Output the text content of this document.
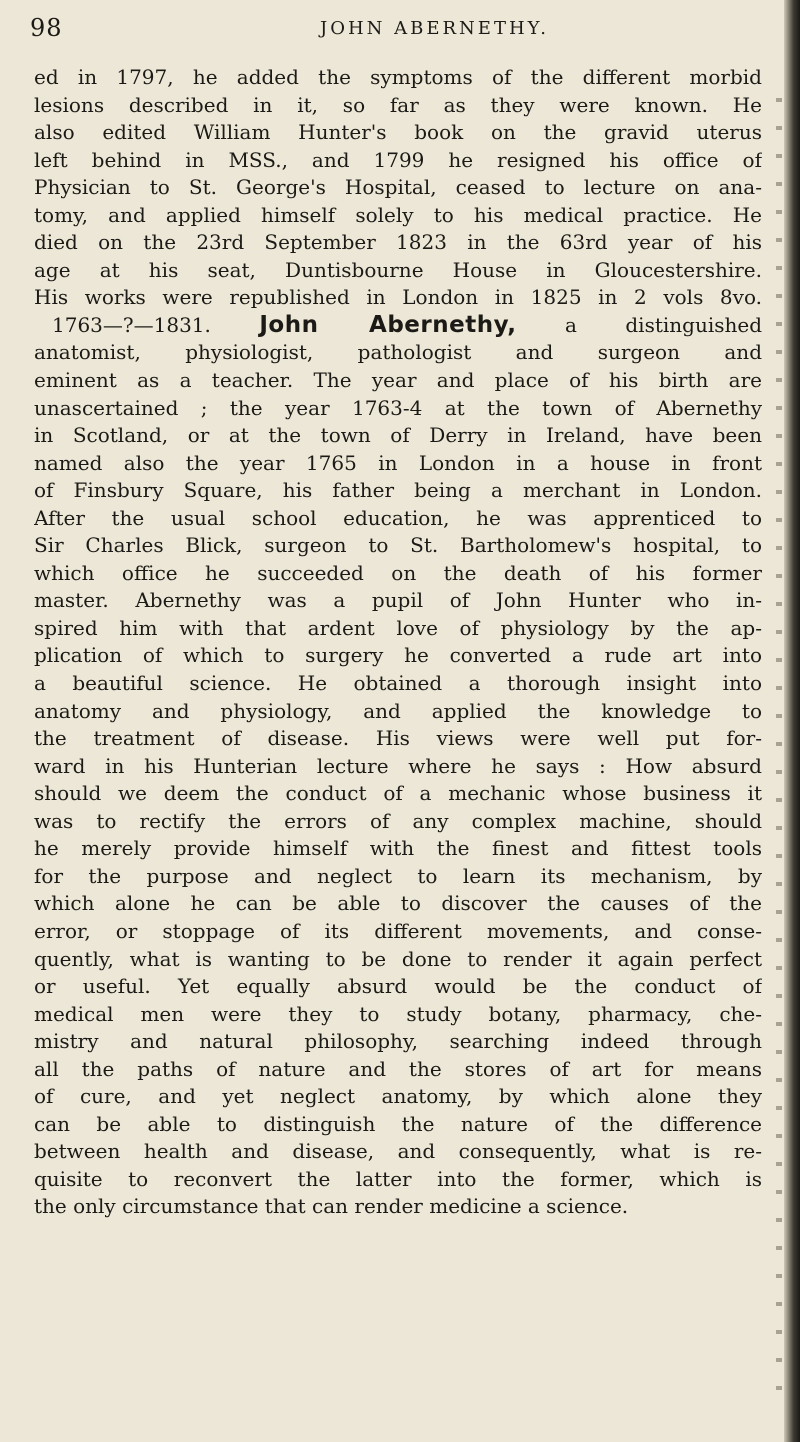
98	JOHN ABERNETHY.
ed in 1797, he added the symptoms of the different morbid
lesions described in it, so far as they were known. He
also edited William Hunter's book on the gravid uterus
left behind in MSS., and 1799 he resigned his office of
Physician to St. George's Hospital, ceased to lecture on ana-
tomy, and applied himself solely to his medical practice. He
died on the 23rd September 1823 in the 63rd year of his
age at his seat, Duntisbourne House in Gloucestershire.
His works were republished in London in 1825 in 2 vols 8vo.
1763—?—1831. John Abernethy, a distinguished
anatomist, physiologist, pathologist and surgeon and
eminent as a teacher. The year and place of his birth are
unascertained ; the year 1763-4 at the town of Abernethy
in Scotland, or at the town of Derry in Ireland, have been
named also the year 1765 in London in a house in front
of Finsbury Square, his father being a merchant in London.
After the usual school education, he was apprenticed to
Sir Charles Blick, surgeon to St. Bartholomew's hospital, to
which office he succeeded on the death of his former
master. Abernethy was a pupil of John Hunter who in-
spired him with that ardent love of physiology by the ap-
plication of which to surgery he converted a rude art into
a beautiful science. He obtained a thorough insight into
anatomy and physiology, and applied the knowledge to
the treatment of disease. His views were well put for-
ward in his Hunterian lecture where he says : How absurd
should we deem the conduct of a mechanic whose business it
was to rectify the errors of any complex machine, should
he merely provide himself with the finest and fittest tools
for the purpose and neglect to learn its mechanism, by
which alone he can be able to discover the causes of the
error, or stoppage of its different movements, and conse-
quently, what is wanting to be done to render it again perfect
or useful. Yet equally absurd would be the conduct of
medical men were they to study botany, pharmacy, che-
mistry and natural philosophy, searching indeed through
all the paths of nature and the stores of art for means
of cure, and yet neglect anatomy, by which alone they
can be able to distinguish the nature of the difference
between health and disease, and consequently, what is re-
quisite to reconvert the latter into the former, which is
the only circumstance that can render medicine a science.
